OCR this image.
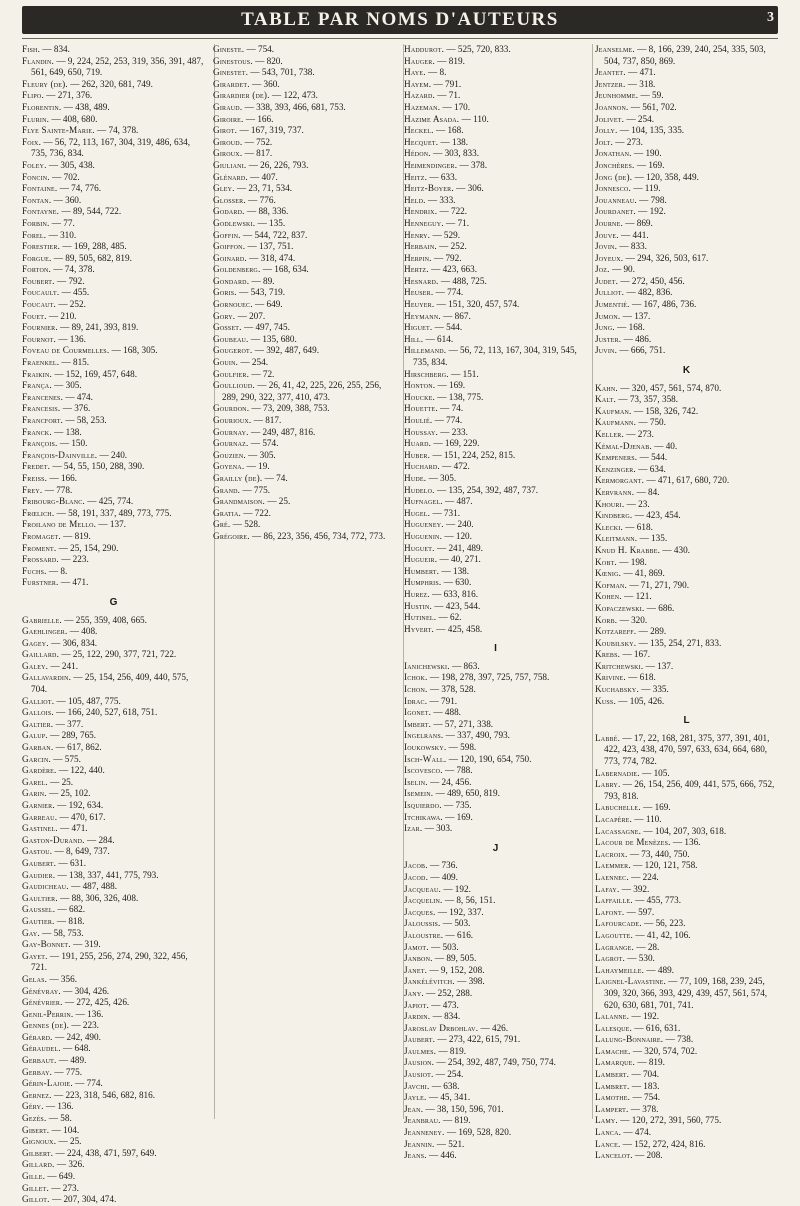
TABLE PAR NOMS D'AUTEURS	3

Fish. — 834.

Flandin. — 9, 224, 252, 253, 319, 356, 391, 487, 561, 649, 650, 719.

Fleury (de). — 262, 320, 681, 749.

Flipo. — 271, 376.

Florentin. — 438, 489.

Flurin. — 408, 680.

Flye Sainte-Marie. — 74, 378.

Foix. — 56, 72, 113, 167, 304, 319, 486, 634, 735, 736, 834.

Foley. — 305, 438.

Foncin. — 702.

Fontaine. — 74, 776.

Fontan. — 360.

Fontayne. — 89, 544, 722.

Forbin. — 77.

Forel. — 310.

Forestier. — 169, 288, 485.

Forgue. — 89, 505, 682, 819.

Forton. — 74, 378.

Foubert. — 792.

Foucault. — 455.

Foucaut. — 252.

Fouet. — 210.

Fournier. — 89, 241, 393, 819.

Fournot. — 136.

Foveau de Courmelles. — 168, 305.

Fraenkel. — 815.

Fraikin. — 152, 169, 457, 648.

França. — 305.

Francenes. — 474.

Francesis. — 376.

Francfort. — 58, 253.

Franck. — 138.

François. — 150.

François-Dainville. — 240.

Fredet. — 54, 55, 150, 288, 390.

Freiss. — 166.

Frey. — 778.

Fribourg-Blanc. — 425, 774.

Frœlich. — 58, 191, 337, 489, 773, 775.

Froilano de Mello. — 137.

Fromaget. — 819.

Froment. — 25, 154, 290.

Frossard. — 223.

Fuchs. — 8.

Furstner. — 471.

G

Gabrielle. — 255, 359, 408, 665.

Gaehlinger. — 408.

Gagey. — 306, 834.

Gaillard. — 25, 122, 290, 377, 721, 722.

Galey. — 241.

Gallavardin. — 25, 154, 256, 409, 440, 575, 704.

Galliot. — 105, 487, 775.

Gallois. — 166, 240, 527, 618, 751.

Galtier. — 377.

Galup. — 289, 765.

Garban. — 617, 862.

Garcin. — 575.

Gardère. — 122, 440.

Garel. — 25.

Garin. — 25, 102.

Garnier. — 192, 634.

Garreau. — 470, 617.

Gastinel. — 471.

Gaston-Durand. — 284.

Gastou. — 8, 649, 737.

Gaubert. — 631.

Gaudier. — 138, 337, 441, 775, 793.

Gaudicheau. — 487, 488.

Gaultier. — 88, 306, 326, 408.

Gaussel. — 682.

Gautier. — 818.

Gay. — 58, 753.

Gay-Bonnet. — 319.

Gayet. — 191, 255, 256, 274, 290, 322, 456, 721.

Gelas. — 356.

Génévray. — 304, 426.

Génévrier. — 272, 425, 426.

Genil-Perrin. — 136.

Gennes (de). — 223.

Gérard. — 242, 490.

Géraudel. — 648.

Gerbaut. — 489.

Gerbay. — 775.

Gérin-Lajoie. — 774.

Gernez. — 223, 318, 546, 682, 816.

Géry. — 136.

Gezès. — 58.

Gibert. — 104.

Gignoux. — 25.

Gilbert. — 224, 438, 471, 597, 649.

Gillard. — 326.

Gille. — 649.

Gillet. — 273.

Gillot. — 207, 304, 474.

Gineste. — 754.

Ginestous. — 820.

Ginestet. — 543, 701, 738.

Girardet. — 360.

Girardier (de). — 122, 473.

Giraud. — 338, 393, 466, 681, 753.

Giroire. — 166.

Girot. — 167, 319, 737.

Giroud. — 752.

Giroux. — 817.

Giuliani. — 26, 226, 793.

Glénard. — 407.

Gley. — 23, 71, 534.

Glosser. — 776.

Godard. — 88, 336.

Godlewski. — 135.

Goffin. — 544, 722, 837.

Goiffon. — 137, 751.

Goinard. — 318, 474.

Goldenberg. — 168, 634.

Gondard. — 89.

Goris. — 543, 719.

Gornouec. — 649.

Gory. — 207.

Gosset. — 497, 745.

Goubeau. — 135, 680.

Gougerot. — 392, 487, 649.

Gouin. — 254.

Goulfier. — 72.

Goullioud. — 26, 41, 42, 225, 226, 255, 256, 289, 290, 322, 377, 410, 473.

Gourdon. — 73, 209, 388, 753.

Gourioux. — 817.

Gournay. — 249, 487, 816.

Gournaz. — 574.

Gouzien. — 305.

Goyena. — 19.

Grailly (de). — 74.

Grand. — 775.

Grandmaison. — 25.

Gratia. — 722.

Gré. — 528.

Grégoire. — 86, 223, 356, 456, 734, 772, 773.

Haddurot. — 525, 720, 833.

Hauger. — 819.

Haye. — 8.

Hayem. — 791.

Hazard. — 71.

Hazeman. — 170.

Hazime Asada. — 110.

Heckel. — 168.

Hecquet. — 138.

Hédon. — 303, 833.

Heimendinger. — 378.

Heitz. — 633.

Heitz-Boyer. — 306.

Held. — 333.

Hendrix. — 722.

Henneguy. — 71.

Henry. — 529.

Herbain. — 252.

Herpin. — 792.

Hertz. — 423, 663.

Hesnard. — 488, 725.

Heuser. — 774.

Heuyer. — 151, 320, 457, 574.

Heymann. — 867.

Higuet. — 544.

Hill. — 614.

Hillemand. — 56, 72, 113, 167, 304, 319, 545, 735, 834.

Hirschberg. — 151.

Honton. — 169.

Houcke. — 138, 775.

Houette. — 74.

Houlié. — 774.

Houssay. — 233.

Huard. — 169, 229.

Huber. — 151, 224, 252, 815.

Huchard. — 472.

Hude. — 305.

Hudelo. — 135, 254, 392, 487, 737.

Hufnagel. — 487.

Hugel. — 731.

Hugueney. — 240.

Huguenin. — 120.

Huguet. — 241, 489.

Hugueir. — 40, 271.

Humbert. — 138.

Humphris. — 630.

Hurez. — 633, 816.

Hustin. — 423, 544.

Hutinel. — 62.

Hyvert. — 425, 458.

I

Ianichewski. — 863.

Ichok. — 198, 278, 397, 725, 757, 758.

Ichon. — 378, 528.

Idrac. — 791.

Igonet. — 488.

Imbert. — 57, 271, 338.

Ingelrans. — 337, 490, 793.

Ioukowsky. — 598.

Isch-Wall. — 120, 190, 654, 750.

Iscovesco. — 788.

Iselin. — 24, 456.

Isemein. — 489, 650, 819.

Isquierdo. — 735.

Itchikawa. — 169.

Izar. — 303.

J

Jacob. — 736.

Jacod. — 409.

Jacqueau. — 192.

Jacquelin. — 8, 56, 151.

Jacques. — 192, 337.

Jaloussis. — 503.

Jaloustre. — 616.

Jamot. — 503.

Janbon. — 89, 505.

Janet. — 9, 152, 208.

Jankélévitch. — 398.

Jany. — 252, 288.

Japiot. — 473.

Jardin. — 834.

Jaroslav Drbohlav. — 426.

Jaubert. — 273, 422, 615, 791.

Jaulmes. — 819.

Jausion. — 254, 392, 487, 749, 750, 774.

Jausiot. — 254.

Javchi. — 638.

Jayle. — 45, 341.

Jean. — 38, 150, 596, 701.

Jeanbrau. — 819.

Jeanneney. — 169, 528, 820.

Jeannin. — 521.

Jeans. — 446.

Jeanselme. — 8, 166, 239, 240, 254, 335, 503, 504, 737, 850, 869.

Jeantet. — 471.

Jentzer. — 318.

Jeunhomme. — 59.

Joannon. — 561, 702.

Jolivet. — 254.

Jolly. — 104, 135, 335.

Jolt. — 273.

Jonathan. — 190.

Jonchères. — 169.

Jong (de). — 120, 358, 449.

Jonnesco. — 119.

Jouanneau. — 798.

Jourdanet. — 192.

Journe. — 869.

Jouve. — 441.

Jovin. — 833.

Joyeux. — 294, 326, 503, 617.

Joz. — 90.

Judet. — 272, 450, 456.

Julliot. — 482, 836.

Jumentié. — 167, 486, 736.

Jumon. — 137.

Jung. — 168.

Juster. — 486.

Juvin. — 666, 751.

K

Kahn. — 320, 457, 561, 574, 870.

Kalt. — 73, 357, 358.

Kaufman. — 158, 326, 742.

Kaufmann. — 750.

Keller. — 273.

Kémal-Djenab. — 40.

Kempeners. — 544.

Kenzinger. — 634.

Kermorgant. — 471, 617, 680, 720.

Kervrann. — 84.

Khouri. — 23.

Kindberg. — 423, 454.

Klecki. — 618.

Kleitmann. — 135.

Knud H. Krabbe. — 430.

Kobt. — 198.

Kœnig. — 41, 869.

Kofman. — 71, 271, 790.

Kohen. — 121.

Kopaczewski. — 686.

Korb. — 320.

Kotzareff. — 289.

Koubilsky. — 135, 254, 271, 833.

Krebs. — 167.

Kritchewski. — 137.

Krivine. — 618.

Kuchabsky. — 335.

Kuss. — 105, 426.

L

Labbé. — 17, 22, 168, 281, 375, 377, 391, 401, 422, 423, 438, 470, 597, 633, 634, 664, 680, 773, 774, 782.

Labernadie. — 105.

Labry. — 26, 154, 256, 409, 441, 575, 666, 752, 793, 818.

Labuchelle. — 169.

Lacapère. — 110.

Lacassagne. — 104, 207, 303, 618.

Lacour de Menèzes. — 136.

Lacroix. — 73, 440, 750.

Laemmer. — 120, 121, 758.

Laennec. — 224.

Lafay. — 392.

Laffaille. — 455, 773.

Lafont. — 597.

Lafourcade. — 56, 223.

Lagoutte. — 41, 42, 106.

Lagrange. — 28.

Lagrot. — 530.

Lahaymeille. — 489.

Laignel-Lavastine. — 77, 109, 168, 239, 245, 309, 320, 366, 393, 429, 439, 457, 561, 574, 620, 630, 681, 701, 741.

Lalanne. — 192.

Lalesque. — 616, 631.

Lalung-Bonnaire. — 738.

Lamache. — 320, 574, 702.

Lamarque. — 819.

Lambert. — 704.

Lambret. — 183.

Lamothe. — 754.

Lampert. — 378.

Lamy. — 120, 272, 391, 560, 775.

Lanca. — 474.

Lance. — 152, 272, 424, 816.

Lancelot. — 208.
